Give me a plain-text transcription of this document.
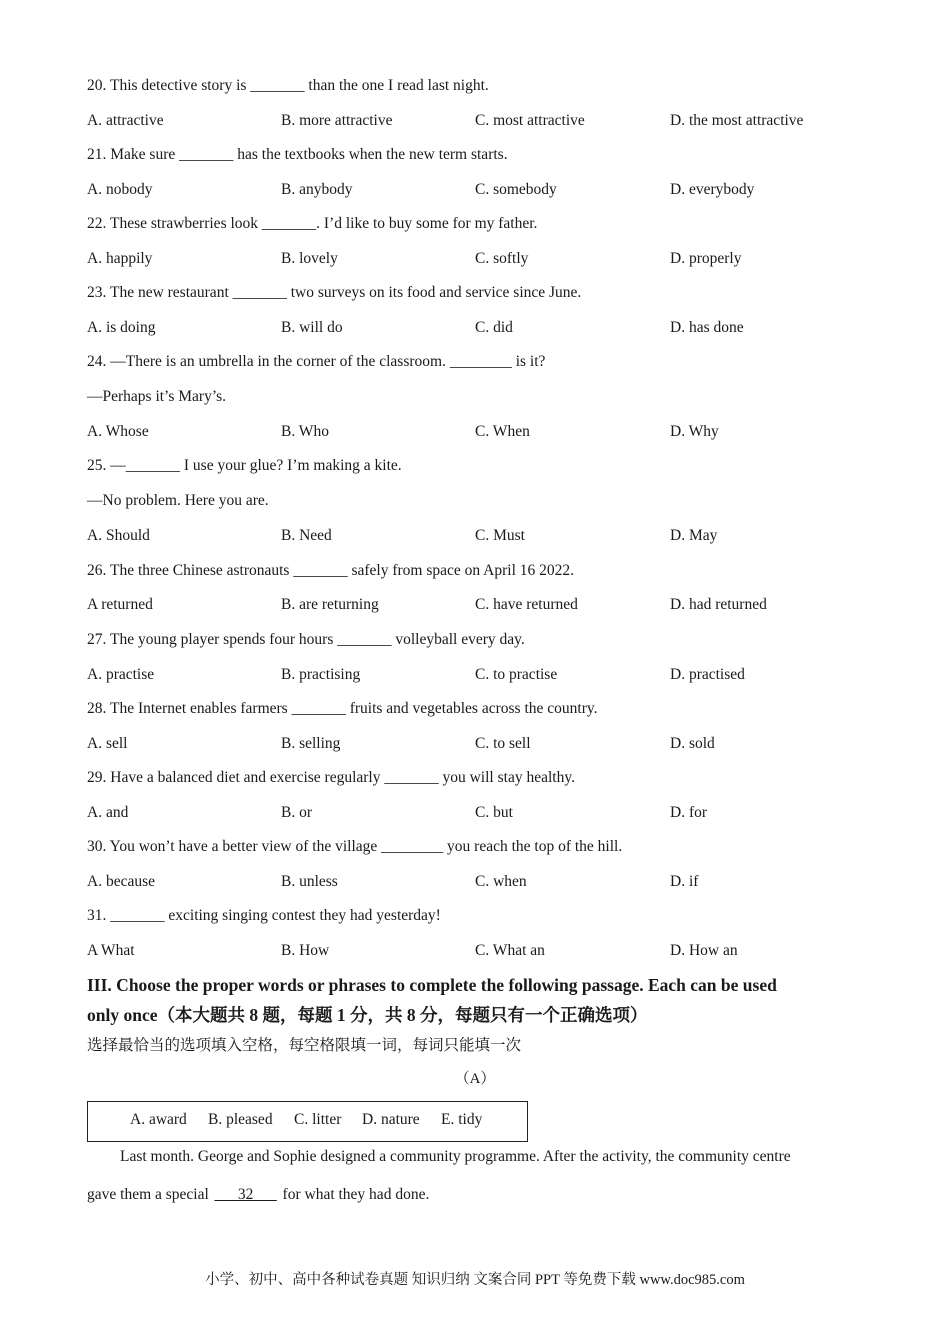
20. This detective story is _______ than the one I read last night.
A. attractive	B. more attractive	C. most attractive	D. the most attractive
21. Make sure _______ has the textbooks when the new term starts.
A. nobody	B. anybody	C. somebody	D. everybody
22. These strawberries look _______. I’d like to buy some for my father.
A. happily	B. lovely	C. softly	D. properly
23. The new restaurant _______ two surveys on its food and service since June.
A. is doing	B. will do	C. did	D. has done
24. —There is an umbrella in the corner of the classroom. ________ is it?
—Perhaps it’s Mary’s.
A. Whose	B. Who	C. When	D. Why
25. —_______ I use your glue? I’m making a kite.
—No problem. Here you are.
A. Should	B. Need	C. Must	D. May
26. The three Chinese astronauts _______ safely from space on April 16 2022.
A returned	B. are returning	C. have returned	D. had returned
27. The young player spends four hours _______ volleyball every day.
A. practise	B. practising	C. to practise	D. practised
28. The Internet enables farmers _______ fruits and vegetables across the country.
A. sell	B. selling	C. to sell	D. sold
29. Have a balanced diet and exercise regularly _______ you will stay healthy.
A. and	B. or	C. but	D. for
30. You won’t have a better view of the village ________ you reach the top of the hill.
A. because	B. unless	C. when	D. if
31. _______ exciting singing contest they had yesterday!
A What	B. How	C. What an	D. How an
III. Choose the proper words or phrases to complete the following passage. Each can be used
only once（本大题共 8 题，每题 1 分，共 8 分，每题只有一个正确选项）
选择最恰当的选项填入空格，每空格限填一词，每词只能填一次
（A）
A. award B. pleased C. litter D. nature E. tidy
Last month. George and Sophie designed a community programme. After the activity, the community centre
gave them a special ___32___ for what they had done.
小学、初中、高中各种试卷真题 知识归纳 文案合同 PPT 等免费下载 www.doc985.com
